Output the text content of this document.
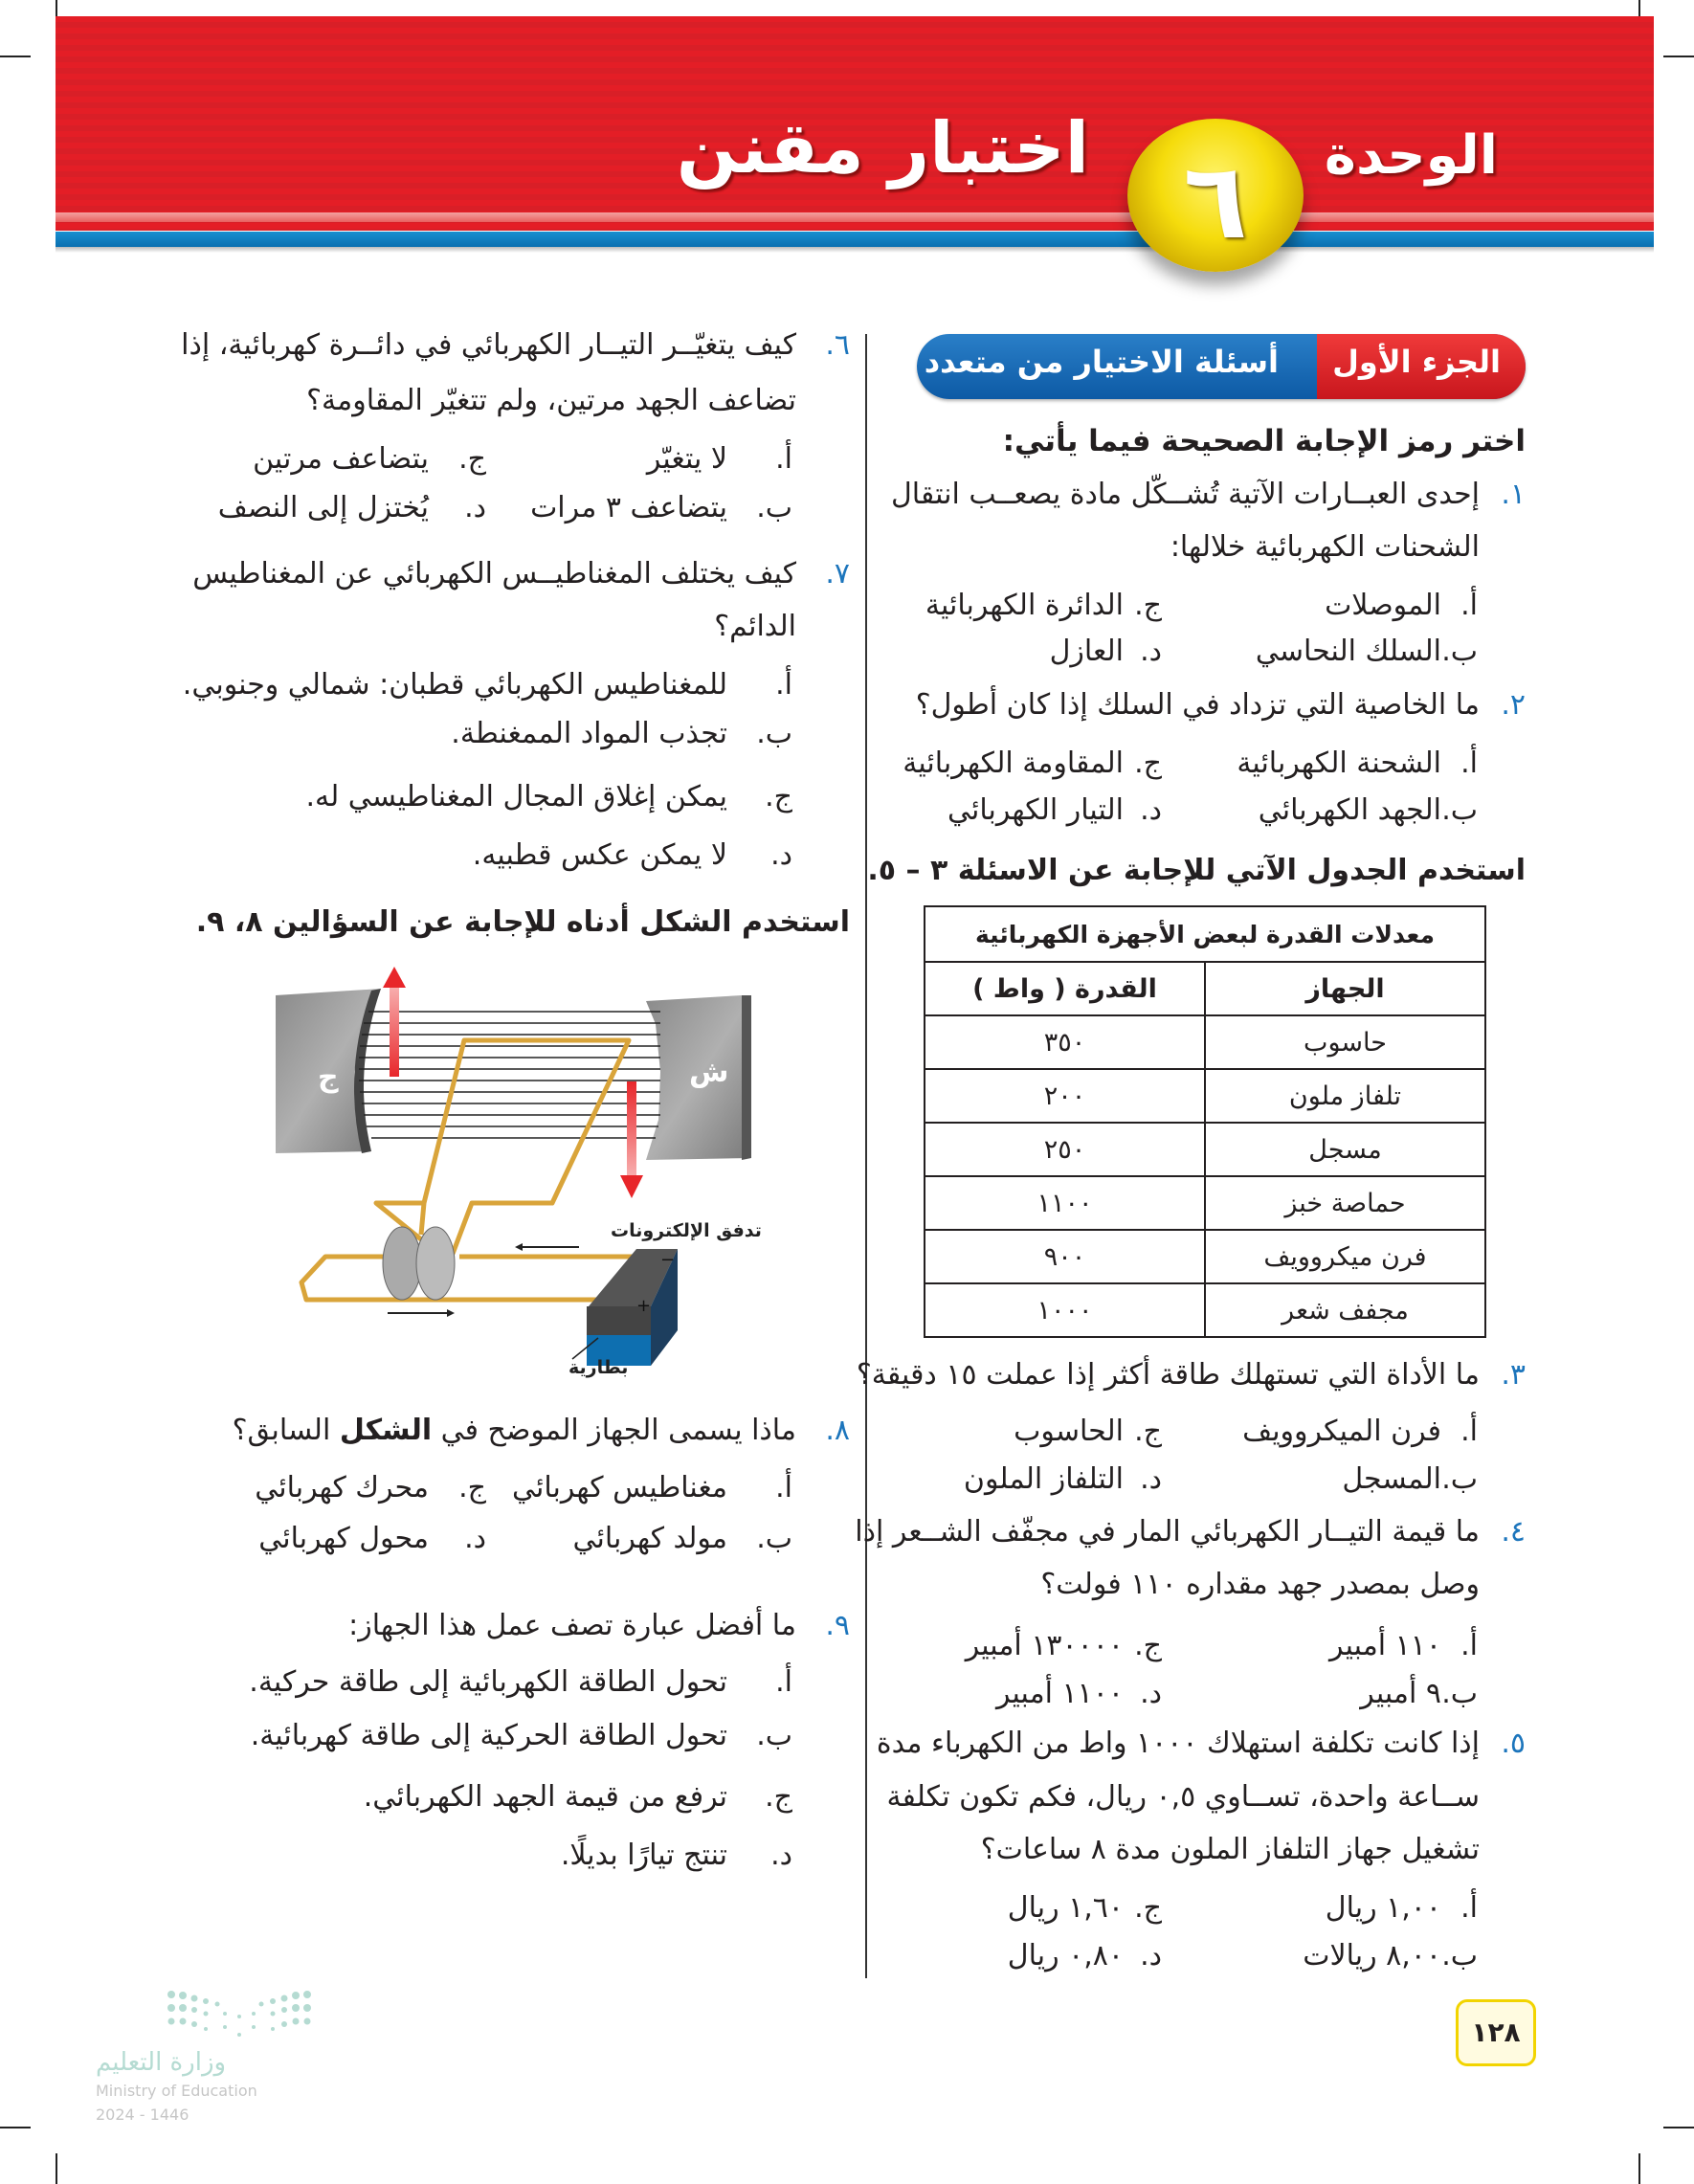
الوحدة
٦
اختبار مقنن
أسئلة الاختيار من متعدد الجزء الأول
اختر رمز الإجابة الصحيحة فيما يأتي:
١.
إحدى العبــارات الآتية تُشــكّل مادة يصعــب انتقال
الشحنات الكهربائية خلالها:
أ.
الموصلات
ج.
الدائرة الكهربائية
ب.
السلك النحاسي
د.
العازل
٢.
ما الخاصية التي تزداد في السلك إذا كان أطول؟
أ.
الشحنة الكهربائية
ج.
المقاومة الكهربائية
ب.
الجهد الكهربائي
د.
التيار الكهربائي
استخدم الجدول الآتي للإجابة عن الاسئلة ٣ – ٥.
معدلات القدرة لبعض الأجهزة الكهربائية	
الجهاز	القدرة ( واط )
حاسوب	٣٥٠
تلفاز ملون	٢٠٠
مسجل	٢٥٠
حماصة خبز	١١٠٠
فرن ميكروويف	٩٠٠
مجفف شعر	١٠٠٠
٣.
ما الأداة التي تستهلك طاقة أكثر إذا عملت ١٥ دقيقة؟
أ.
فرن الميكروويف
ج.
الحاسوب
ب.
المسجل
د.
التلفاز الملون
٤.
ما قيمة التيــار الكهربائي المار في مجفّف الشــعر إذا
وصل بمصدر جهد مقداره ١١٠ فولت؟
أ.
١١٠ أمبير
ج.
١٣٠٠٠٠ أمبير
ب.
٩ أمبير
د.
١١٠٠ أمبير
٥.
إذا كانت تكلفة استهلاك ١٠٠٠ واط من الكهرباء مدة
ســاعة واحدة، تســاوي ٠,٥ ريال، فكم تكون تكلفة
تشغيل جهاز التلفاز الملون مدة ٨ ساعات؟
أ.
١,٠٠ ريال
ج.
١,٦٠ ريال
ب.
٨,٠٠ ريالات
د.
٠,٨٠ ريال
٦.
كيف يتغيّــر التيــار الكهربائي في دائــرة كهربائية، إذا
تضاعف الجهد مرتين، ولم تتغيّر المقاومة؟
أ.
لا يتغيّر
ج.
يتضاعف مرتين
ب.
يتضاعف ٣ مرات
د.
يُختزل إلى النصف
٧.
كيف يختلف المغناطيــس الكهربائي عن المغناطيس
الدائم؟
أ.
للمغناطيس الكهربائي قطبان: شمالي وجنوبي.
ب.
تجذب المواد الممغنطة.
ج.
يمكن إغلاق المجال المغناطيسي له.
د.
لا يمكن عكس قطبيه.
استخدم الشكل أدناه للإجابة عن السؤالين ٨، ٩.
−
+
ج	ش
تدفق الإلكترونات
بطارية
٨.
ماذا يسمى الجهاز الموضح في الشكل السابق؟
أ.
مغناطيس كهربائي
ج.
محرك كهربائي
ب.
مولد كهربائي
د.
محول كهربائي
٩.
ما أفضل عبارة تصف عمل هذا الجهاز:
أ.
تحول الطاقة الكهربائية إلى طاقة حركية.
ب.
تحول الطاقة الحركية إلى طاقة كهربائية.
ج.
ترفع من قيمة الجهد الكهربائي.
د.
تنتج تيارًا بديلًا.
١٢٨
وزارة التعليم
Ministry of Education
2024 - 1446
